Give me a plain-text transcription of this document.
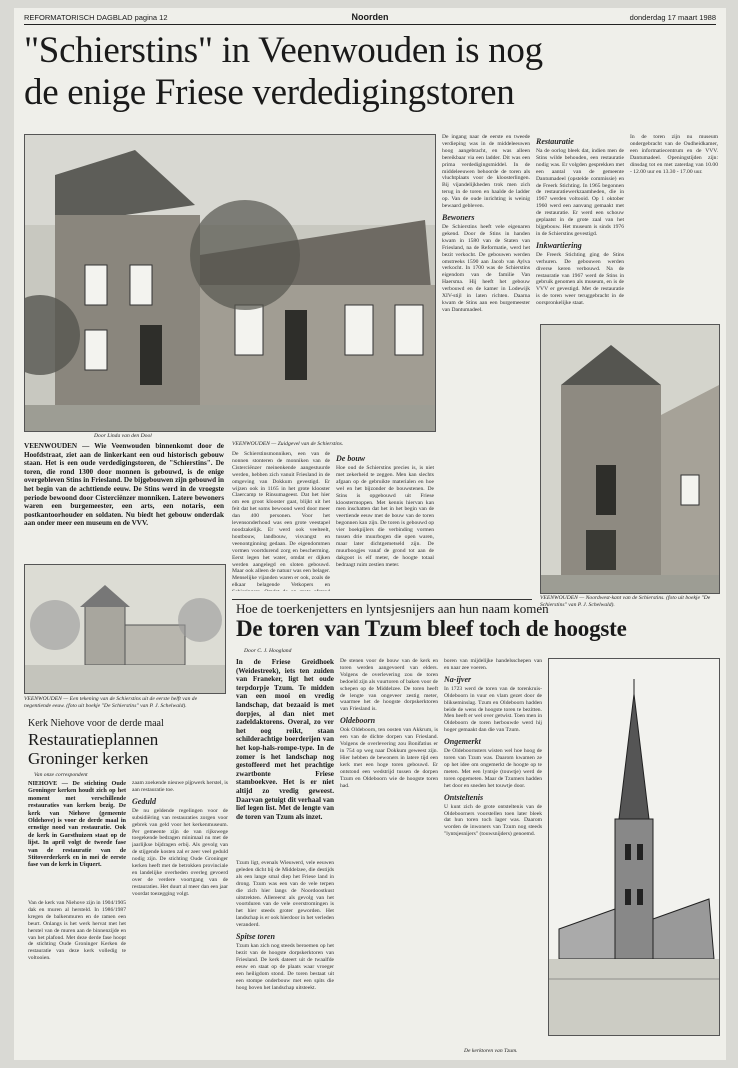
REFORMATORISCH DAGBLAD pagina 12	Noorden	donderdag 17 maart 1988
"Schierstins" in Veenwouden is nog de enige Friese verdedigingstoren
Door Linda van den Dool
VEENWOUDEN — Zuidgevel van de Schierstins.
VEENWOUDEN — Wie Veenwouden binnenkomt door de Hoofdstraat, ziet aan de linkerkant een oud historisch gebouw staan. Het is een oude verdedigingstoren, de "Schierstins". De toren, die rond 1300 door monnen is gebouwd, is de enige overgebleven Stins in Friesland. De bijgebouwen zijn gebouwd in het begin van de achttiende eeuw. De Stins werd in de vroegste periode bewoond door Cisterciënzer monniken. Latere bewoners waren een burgemeester, een arts, een notaris, een postkantoorhouder en soldaten. Nu biedt het gebouw onderdak aan onder meer een museum en de VVV.

De Schierstinsmonniken, een van de nonnen stonteren de monniken van de Cisterciënzer meinenkende aangestuurde werden, hebben zich vanuit Friesland in de omgeving van Dokkum gevestigd. Er wijzen ook in 1165 in het grote klooster Claercamp te Rinsumageest. Dat het hier om een groot klooster gaat, blijkt uit het feit dat het soms bewoond werd door meer dan 400 personen. Voor het levensonderhoud was een grote veestapel noodzakelijk. Er werd ook veelteelt, houtbouw, landbouw, visvangst en veenontginning gedaan. De eigendommen vormen voortdurend zorg en bescherming. Eerst legen het water, omdat er dijken werden aangelegd en sloten gebouwd. Maar ook alleen de natuur was een belager. Menselijke vijanden waren er ook, zoals de elkaar belagende Vetkopers en

De bouw

Hoe oud de Schierstins precies is, is niet met zekerheid te zeggen. Men kan slechts afgaan op de gebruikte materialen en hoe wel en het bijzonder de bouwstenen. De Stins is opgebouwd uit Friese kloostermoppen. Met kennis hiervan kan men inschatten dat het in het begin van de veertiende eeuw met de bouw van de toren begonnen kan zijn. De toren is gebouwd op vier boekpijlers die verbinding vormen tussen drie muurbogen die open waren, maar later dichtgemetseld zijn. De muurboogjes vanaf de grond tot aan de dakgoot is elf meter, de hoogte totaal bedraagt ruim zestien meter.

VEENWOUDEN — Een tekening van de Schierstins uit de eerste helft van de negentiende eeuw. (foto uit boekje "De Schierstins" van P. J. Schelwald).

De ingang naar de eerste en tweede verdieping was in de middeleeuwen hoog aangebracht, en was alleen bereikbaar via een ladder. Dit was een prima verdedigingsmiddel. In de middeleeuwen behoorde de toren als vluchtplaats voor de kloosterlingen. Bij vijandelijkheden trok men zich terug in de toren en haalde de ladder op. Van de oude inrichting is weinig bewaard gebleven.

Bewoners

De Schierstins heeft vele eigenaren gekend. Door de Stins in handen kwam in 1580 van de Staten van Friesland, na de Reformatie, werd het bezit verkocht. De gebouwen werden omstreeks 1590 aan Jacob van Aylva verkocht. In 1700 was de Schierstins eigendom van de familie Van Haersma. Hij heeft het gebouw verbouwd en de kamer in Lodewijk XIV-stijl in laten richten. Daarna kwam de Stins aan een burgemeester van Dantumadeel.

Restauratie

Na de oorlog bleek dat, indien men de Stins wilde behouden, een restauratie nodig was. Er volgden gesprekken met een aantal van de gemeente Dantumadeel (opstelde commissie) en de Freerk Stichting. In 1965 begonnen de restauratiewerkzaamheden, die in 1967 werden voltooid. Op 1 oktober 1960 werd een aanvang gemaakt met de restauratie. Er werd een schouw geplaatst in de grote zaal van het bijgebouw. Het museum is sinds 1976 in de Schierstins gevestigd.

Inkwartiering

De Freerk Stichting ging de Stins verhuren. De gebouwen werden diverse keren verbouwd. Na de restauratie van 1967 werd de Stins in gebruik genomen als museum, en is de VVV er gevestigd. Met de restauratie is de toren weer teruggebracht in de oorspronkelijke staat.

In de toren zijn nu museum ondergebracht van de Oudheidkamer, een informatiecentrum en de VVV. Dantumadeel. Openingstijden zijn: dinsdag tot en met zaterdag van 10.00 - 12.00 uur en 13.30 - 17.00 uur.

VEENWOUDEN — Noordwest-kant van de Schierstins. (foto uit boekje "De Schierstins" van P. J. Schelwald).
Hoe de toerkenjetters en lyntsjesnijers aan hun naam komen
De toren van Tzum bleef toch de hoogste
Door C. J. Hoogland
In de Friese Greidhoek (Weidestreek), iets ten zuiden van Franeker, ligt het oude terpdorpje Tzum. Te midden van een mooi en vredig landschap, dat bezaaid is met dorpjes, al dan niet met zadeldaktorens. Overal, zo ver het oog reikt, staan schilderachtige boerderijen van het kop-hals-rompe-type. In de zomer is het landschap nog gestoffeerd met het prachtige zwartbonte Friese stamboekvee. Het is er niet altijd zo vredig geweest. Daarvan getuigt dit verhaal van lief legen list. Met de lengte van de toren van Tzum als inzet.

Tzum ligt, evenals Wieuwerd, vele eeuwen geleden dicht bij de Middelzee, die destijds als een lange smal diep het Friese land in drong. Tzum was een van de vele terpen die zich hier langs de Noordoostkust uitstrekten. Allereerst als gevolg van het voortduren van de vele overstromingen is het hier steeds groter geworden. Het landschap is er ook hierdoor in het verleden veranderd.

Spitse toren

Tzum kan zich nog steeds beroemen op het bezit van de hoogste dorpskerktoren van Friesland. De kerk dateert uit de twaalfde eeuw en staat op de plaats waar vroeger een heiligdom stond. De toren bestaat uit een stompe onderbouw met een spits die hoog boven het landschap uitsteekt.

De stenen voor de bouw van de kerk en toren werden aangevoerd van elders. Volgens de overlevering zou de toren bedoeld zijn als vuurtoren of baken voor de schepen op de Middelzee. De toren heeft de lengte van ongeveer zestig meter, waarmee het de hoogste dorpskerktoren van Friesland is.

Oldeboorn

Ook Oldeboorn, ten oosten van Akkrum, is een van de dichte dorpen van Friesland. Volgens de overlevering zou Bonifatius er in 754 op weg naar Dokkum geweest zijn. Hier hebben de bewoners in latere tijd een kerk met een hoge toren gebouwd. Er ontstond een wedstrijd tussen de dorpen Tzum en Oldeboorn wie de hoogste toren had.

boren van mijdelijke handelsschepen van en naar zee voeren.

Na-ijver

In 1723 werd de toren van de torenkruis-Oldeboorn in vuur en vlam gezet door de blikseminslag. Tzum en Oldeboorn hadden beide de wens de hoogste toren te bezitten. Men heeft er wel over getwist. Toen men in Oldeboorn de toren herbouwde werd hij hoger gemaakt dan die van Tzum.

Ongemerkt

De Oldeboornsters wisten wel hoe hoog de toren van Tzum was. Daarom kwamen ze op het idee om ongemerkt de hoogte op te meten. Met een lyntsje (touwtje) werd de toren opgemeten. Maar de Tzumers hadden het door en sneden het touwtje door.

Ontsteltenis

U kunt zich de grote ontsteltenis van de Oldeboorners voorstellen toen later bleek dat hun toren toch lager was. Daarom worden de inwoners van Tzum nog steeds "lyntsjesnijers" (touwsnijders) genoemd.

De kerktoren van Tzum.
Kerk Niehove voor de derde maal
Restauratieplannen Groninger kerken
Van onze correspondent
NIEHOVE — De stichting Oude Groninger kerken houdt zich op het moment met verschillende restauraties van kerken bezig. De kerk van Niehove (gemeente Oldehove) is voor de derde maal in ernstige nood van restauratie. Ook de kerk in Garsthuizen staat op de lijst. In april volgt de tweede fase van de restauratie van de Stitoverderkerk en in mei de eerste fase van de kerk in Uiquert.

Van de kerk van Niehove zijn in 1904/1905 dak en muren al hersteld. In 1986/1987 kregen de balkenmuren en de ramen een beurt. Onlangs is het werk hervat met het herstel van de muren aan de binnenzijde en van het plafond. Met deze derde fase hoopt de stichting Oude Groninger Kerken de restauratie van deze kerk volledig te voltooien.

zaam zoekende nieuwe pijpwerk herstel, is aan restauratie toe.

Geduld

De nu geldende regelingen voor de subsidiëring van restauraties zorgen voor gebrek van geld voor het kerkenmuseum. Per gemeente zijn de van rijkswege toegekende bedragen minimaal nu met de jaarlijkse bijdragen erbij. Als gevolg van de stijgende kosten zal er zeer veel geduld nodig zijn. De stichting Oude Groninger kerken heeft met de betrokken provinciale en landelijke overheden overleg gevoerd over de verdere voortgang van de restauraties. Het duurt al meer dan een jaar voordat toezegging volgt.
